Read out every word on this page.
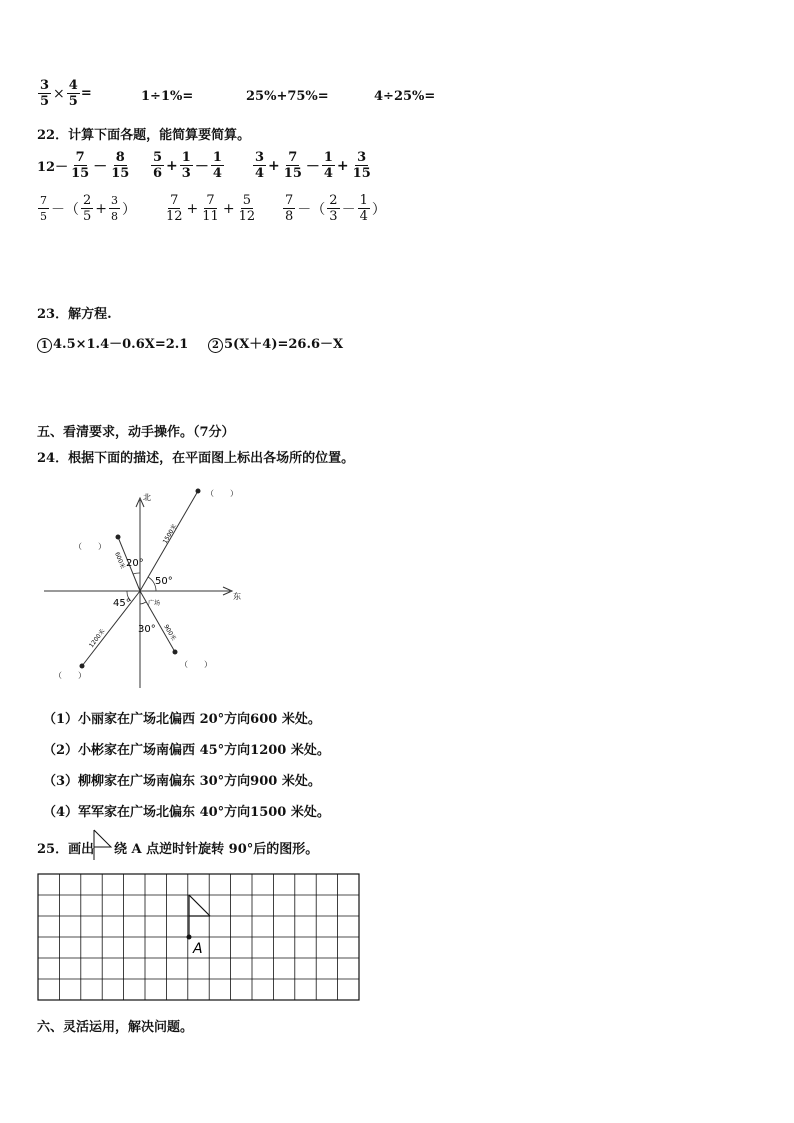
$\frac{3}{5} \times \frac{4}{5}$ =	1÷1%=	25%+75%=	4÷25%=
22．计算下面各题，能简算要简算。
$12- \frac{7}{15} - \frac{8}{15} \frac{5}{6} + \frac{1}{3} - \frac{1}{4} \frac{3}{4} + \frac{7}{15} - \frac{1}{4} + \frac{3}{15}$
$\frac{7}{5}$ －（ $\frac{2}{5} + \frac{3}{8}$ ） $\frac{7}{12} + \frac{7}{11} + \frac{5}{12} \frac{7}{8}$ －（ $\frac{2}{3} - \frac{1}{4}$ ）
23．解方程.
1 4.5×1.4－0.6X=2.1	2 5(X＋4)=26.6－X
五、看清要求，动手操作。（7分）
24．根据下面的描述，在平面图上标出各场所的位置。
北
东
20°
50°
45°
30°
广场
600米
1500米
1200米	900米
（　　）
（　　）
（　　）
（　　）
（1）小丽家在广场北偏西 20°方向600 米处。
（2）小彬家在广场南偏西 45°方向1200 米处。
（3）柳柳家在广场南偏东 30°方向900 米处。
（4）军军家在广场北偏东 40°方向1500 米处。
25．画出 绕 A 点逆时针旋转 90°后的图形。
A
六、灵活运用，解决问题。
